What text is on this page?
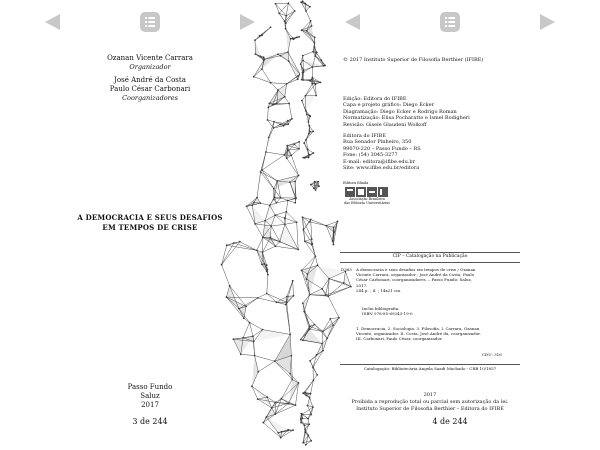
Ozanan Vicente Carrara
Organizador
José André da Costa
Paulo César Carbonari
Coorganizadores
A DEMOCRACIA E SEUS DESAFIOS
EM TEMPOS DE CRISE
Passo Fundo
Saluz
2017
3 de 244
© 2017 Instituto Superior de Filosofia Berthier (IFIBE)
Edição: Editora do IFIBE
Capa e projeto gráfico: Diego Ecker
Diagramação: Diego Ecker e Rodrigo Roman
Normatização: Elisa Pocharatto e Ismel Bodigheri
Revisão: Gisele Glaudeni Wolkoff
Editora do IFIBE
Rua Senador Pinheiro, 350
99070-220 – Passo Fundo – RS
Fone: (54) 3045-3277
E-mail: editora@ifibe.edu.br
Site: www.ifibe.edu.br/editora
Editora filiada
Associação Brasileira
das Editoras Universitárias
CIP – Catalogação na Publicação
D383 A democracia e seus desafios em tempos de crise / Ozanan
Vicente Carrara, organizador ; José André da Costa, Paulo
César Carbonari, coorganizadores. – Passo Fundo: Saluz,
2017.
244 p. ; il. ; 14x21 cm.
Inclui bibliografia.
ISBN 978-85-69343-19-0
1. Democracia. 2. Sociologia. 3. Filosofia. I. Carrara, Ozanan
Vicente, organizador. II. Costa, José André da, coorganizador.
III. Carbonari, Paulo César, coorganizador.
CDU: 316
Catalogação: Bibliotecária Angela Saadi Machado - CRB 10/1857
2017
Proibida a reprodução total ou parcial sem autorização da lei.
Instituto Superior de Filosofia Berthier – Editora do IFIBE
4 de 244
